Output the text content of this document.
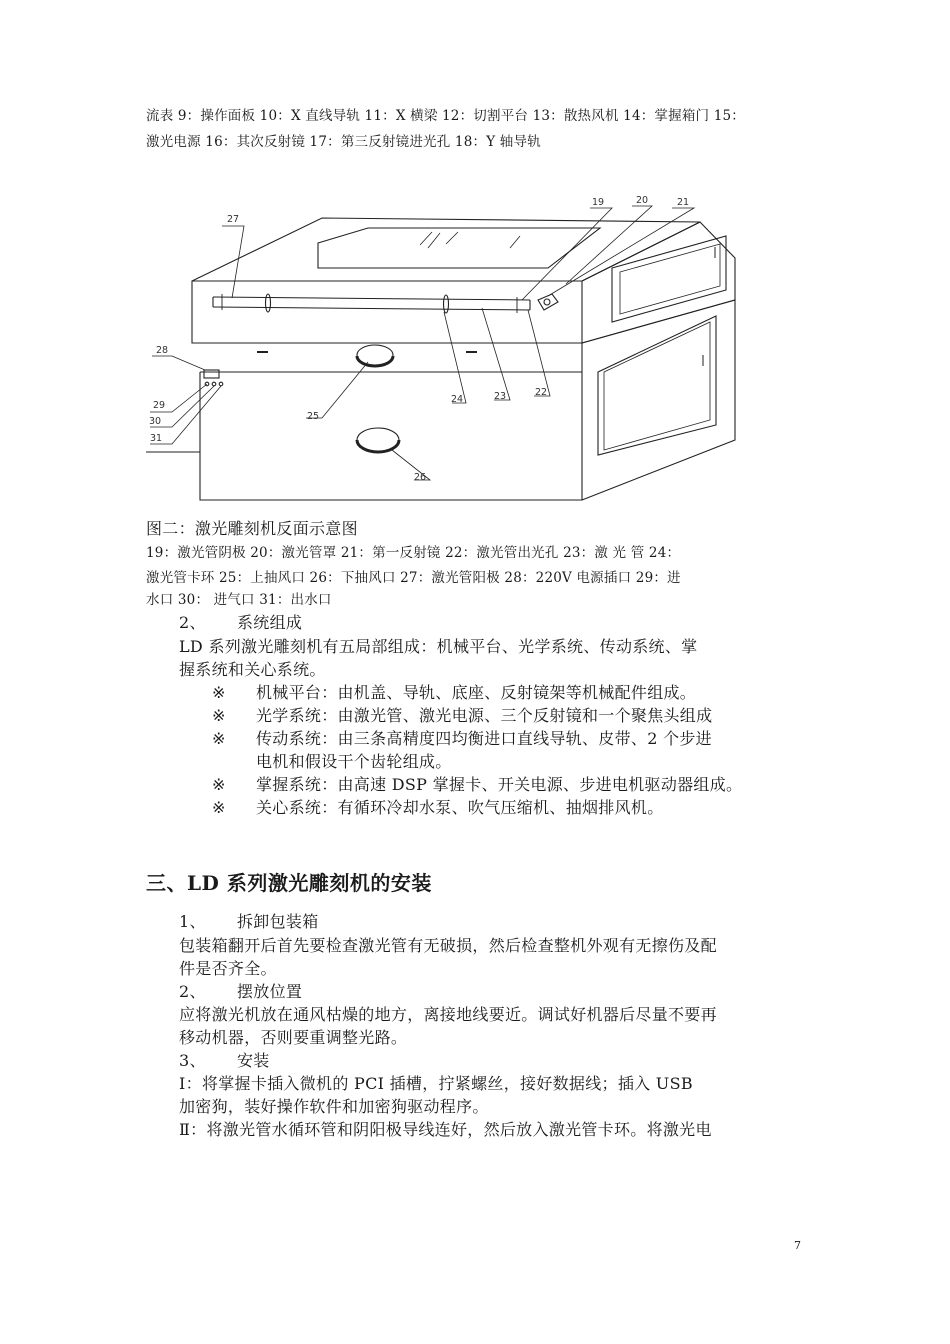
流表 9：操作面板 10：X 直线导轨 11：X 横梁 12：切割平台 13：散热风机 14：掌握箱门 15：
激光电源 16：其次反射镜 17：第三反射镜进光孔 18：Y 轴导轨
27
19	20	21
28
29
30
31
25
24	23	22
26
图二：激光雕刻机反面示意图
19：激光管阴极 20：激光管罩 21：第一反射镜 22：激光管出光孔 23：激 光 管 24：
激光管卡环 25：上抽风口 26：下抽风口 27：激光管阳极 28：220V 电源插口 29：进
水口 30： 进气口 31：出水口
2、 系统组成
LD 系列激光雕刻机有五局部组成：机械平台、光学系统、传动系统、掌
握系统和关心系统。
※ 机械平台：由机盖、导轨、底座、反射镜架等机械配件组成。
※ 光学系统：由激光管、激光电源、三个反射镜和一个聚焦头组成
※ 传动系统：由三条高精度四均衡进口直线导轨、皮带、2 个步进
电机和假设干个齿轮组成。
※ 掌握系统：由高速 DSP 掌握卡、开关电源、步进电机驱动器组成。
※ 关心系统：有循环冷却水泵、吹气压缩机、抽烟排风机。
三、LD 系列激光雕刻机的安装
1、 拆卸包装箱
包装箱翻开后首先要检查激光管有无破损，然后检查整机外观有无擦伤及配
件是否齐全。
2、 摆放位置
应将激光机放在通风枯燥的地方，离接地线要近。调试好机器后尽量不要再
移动机器，否则要重调整光路。
3、 安装
Ⅰ：将掌握卡插入微机的 PCI 插槽，拧紧螺丝，接好数据线；插入 USB
加密狗，装好操作软件和加密狗驱动程序。
Ⅱ：将激光管水循环管和阴阳极导线连好，然后放入激光管卡环。将激光电
7
